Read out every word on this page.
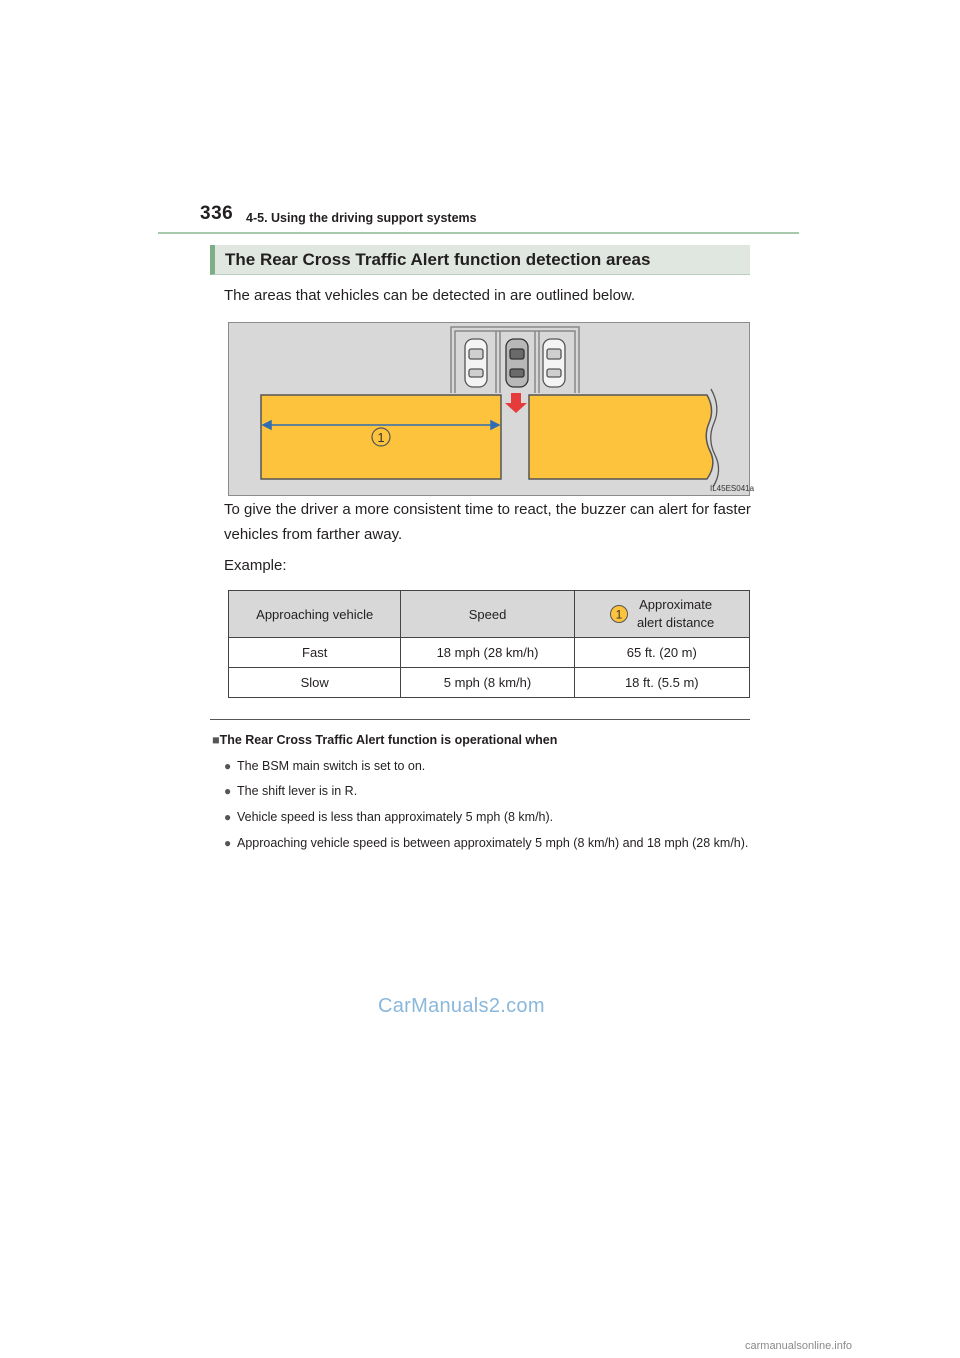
336 4-5. Using the driving support systems
The Rear Cross Traffic Alert function detection areas
The areas that vehicles can be detected in are outlined below.
1
IL45ES041a
To give the driver a more consistent time to react, the buzzer can alert for faster vehicles from farther away.
Example:
Approaching vehicle	Speed	1
Approximate
alert distance
Fast	18 mph (28 km/h)	65 ft. (20 m)
Slow	5 mph (8 km/h)	18 ft. (5.5 m)
■The Rear Cross Traffic Alert function is operational when
● The BSM main switch is set to on.
● The shift lever is in R.
● Vehicle speed is less than approximately 5 mph (8 km/h).
● Approaching vehicle speed is between approximately 5 mph (8 km/h) and 18 mph (28 km/h).
CarManuals2.com
carmanualsonline.info
